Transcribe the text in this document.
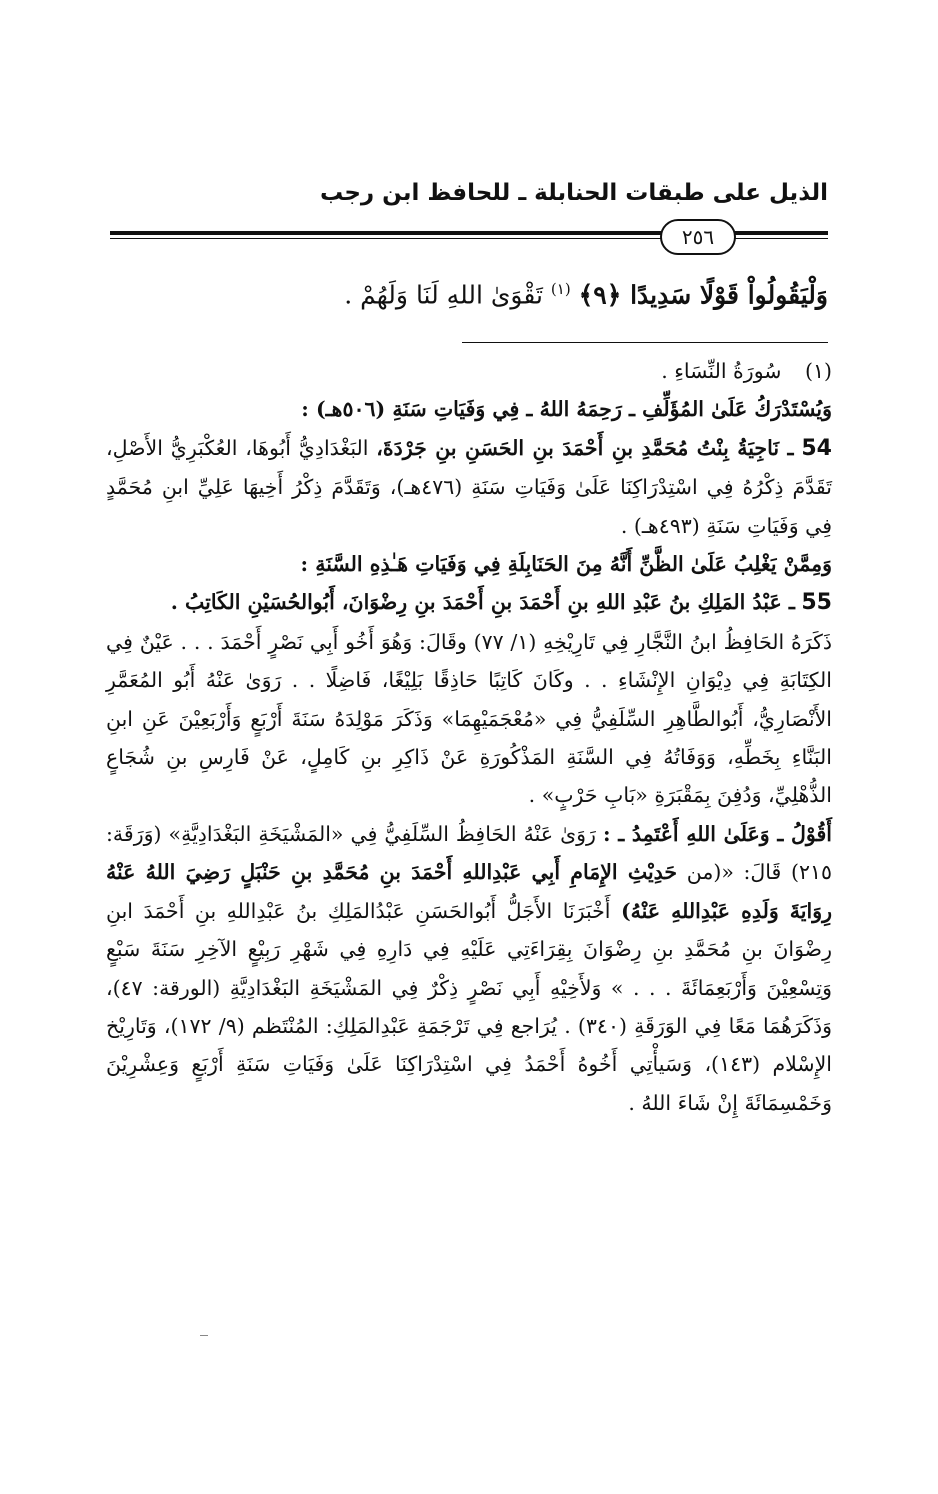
الذيل على طبقات الحنابلة ـ للحافظ ابن رجب
٢٥٦
وَلْيَقُولُواْ قَوْلًا سَدِيدًا ﴿٩﴾ $^{(١)}$ تَقْوَىٰ اللهِ لَنَا وَلَهُمْ .

(١) سُورَةُ النِّسَاءِ .

وَيُسْتَدْرَكُ عَلَىٰ المُؤَلِّفِ ـ رَحِمَهُ اللهُ ـ فِي وَفَيَاتِ سَنَةِ (٥٠٦هـ) :

54 ـ نَاجِيَةُ بِنْتُ مُحَمَّدِ بنِ أَحْمَدَ بنِ الحَسَنِ بنِ جَرْدَةَ، البَغْدَادِيُّ أَبُوهَا، العُكْبَرِيُّ الأَصْلِ، تَقَدَّمَ ذِكْرُهُ فِي اسْتِدْرَاكِنَا عَلَىٰ وَفَيَاتِ سَنَةِ (٤٧٦هـ)، وَتَقَدَّمَ ذِكْرُ أَخِيهَا عَلِيِّ ابنِ مُحَمَّدٍ فِي وَفَيَاتِ سَنَةِ (٤٩٣هـ) .

وَمِمَّنْ يَغْلِبُ عَلَىٰ الظَّنِّ أَنَّهُ مِنَ الحَنَابِلَةِ فِي وَفَيَاتِ هَـٰذِهِ السَّنَةِ :

55 ـ عَبْدُ المَلِكِ بنُ عَبْدِ اللهِ بنِ أَحْمَدَ بنِ أَحْمَدَ بنِ رِضْوَانَ، أَبُوالحُسَيْنِ الكَاتِبُ .

ذَكَرَهُ الحَافِظُ ابنُ النَّجَّارِ فِي تَارِيْخِهِ (١/ ٧٧) وقَالَ: وَهُوَ أَخُو أَبِي نَصْرٍ أَحْمَدَ . . . عَيْنٌ فِي الكِتَابَةِ فِي دِيْوَانِ الإِنْشَاءِ . . وكَانَ كَاتِبًا حَاذِقًا بَلِيْغًا، فَاضِلًا . . رَوَىٰ عَنْهُ أَبُو المُعَمَّرِ الأَنْصَارِيُّ، أَبُوالطَّاهِرِ السِّلَفِيُّ فِي «مُعْجَمَيْهِمَا» وَذَكَرَ مَوْلِدَهُ سَنَةَ أَرْبَعٍ وَأَرْبَعِيْنَ عَنِ ابنِ البَنَّاءِ بِخَطِّهِ، وَوَفَاتُهُ فِي السَّنَةِ المَذْكُورَةِ عَنْ ذَاكِرِ بنِ كَامِلٍ، عَنْ فَارِسِ بنِ شُجَاعٍ الذُّهْلِيِّ، وَدُفِنَ بِمَقْبَرَةِ «بَابِ حَرْبٍ» .

أَقُوْلُ ـ وَعَلَىٰ اللهِ أَعْتَمِدُ ـ : رَوَىٰ عَنْهُ الحَافِظُ السِّلَفِيُّ فِي «المَشْيَخَةِ البَغْدَادِيَّةِ» (وَرَقَة: ٢١٥) قَالَ: «(من حَدِيْثِ الإِمَامِ أَبِي عَبْدِاللهِ أَحْمَدَ بنِ مُحَمَّدِ بنِ حَنْبَلٍ رَضِيَ اللهُ عَنْهُ رِوَايَةَ وَلَدِهِ عَبْدِاللهِ عَنْهُ) أَخْبَرَنَا الأَجَلُّ أَبُوالحَسَنِ عَبْدُالمَلِكِ بنُ عَبْدِاللهِ بنِ أَحْمَدَ ابنِ رِضْوَانَ بنِ مُحَمَّدِ بنِ رِضْوَانَ بِقِرَاءَتِي عَلَيْهِ فِي دَارِهِ فِي شَهْرِ رَبِيْعٍ الآخِرِ سَنَةَ سَبْعٍ وَتِسْعِيْنَ وَأَرْبَعِمَائَةَ . . . » وَلأَخِيْهِ أَبِي نَصْرٍ ذِكْرٌ فِي المَشْيَخَةِ البَغْدَادِيَّةِ (الورقة: ٤٧)، وَذَكَرَهُمَا مَعًا فِي الوَرَقَةِ (٣٤٠) . يُرَاجع فِي تَرْجَمَةِ عَبْدِالمَلِكِ: المُنْتَظم (٩/ ١٧٢)، وَتَارِيْخ الإِسْلام (١٤٣)، وَسَيأْتِي أَخُوهُ أَحْمَدُ فِي اسْتِدْرَاكِنَا عَلَىٰ وَفَيَاتِ سَنَةِ أَرْبَعٍ وَعِشْرِيْنَ وَخَمْسِمَائَةَ إِنْ شَاءَ اللهُ .
